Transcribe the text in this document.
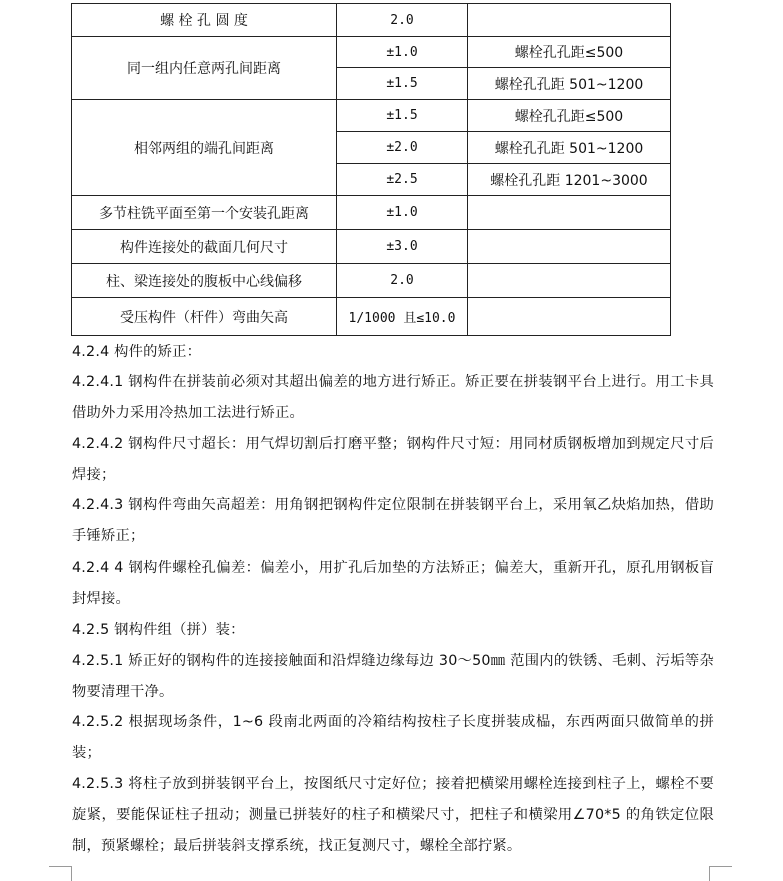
螺 栓 孔 圆 度	2.0	
同一组内任意两孔间距离	±1.0	螺栓孔孔距≤500
	±1.5	螺栓孔孔距 501~1200
相邻两组的端孔间距离	±1.5	螺栓孔孔距≤500
	±2.0	螺栓孔孔距 501~1200
	±2.5	螺栓孔孔距 1201~3000
多节柱铣平面至第一个安装孔距离	±1.0	
构件连接处的截面几何尺寸	±3.0	
柱、梁连接处的腹板中心线偏移	2.0	
受压构件（杆件）弯曲矢高	1/1000 且≤10.0	

4.2.4 构件的矫正：

4.2.4.1 钢构件在拼装前必须对其超出偏差的地方进行矫正。矫正要在拼装钢平台上进行。用工卡具借助外力采用冷热加工法进行矫正。

4.2.4.2 钢构件尺寸超长：用气焊切割后打磨平整；钢构件尺寸短：用同材质钢板增加到规定尺寸后焊接；

4.2.4.3 钢构件弯曲矢高超差：用角钢把钢构件定位限制在拼装钢平台上，采用氧乙炔焰加热，借助手锤矫正；

4.2.4 4 钢构件螺栓孔偏差：偏差小，用扩孔后加垫的方法矫正；偏差大，重新开孔，原孔用钢板盲封焊接。

4.2.5 钢构件组（拼）装：

4.2.5.1 矫正好的钢构件的连接接触面和沿焊缝边缘每边 30～50㎜ 范围内的铁锈、毛刺、污垢等杂物要清理干净。

4.2.5.2 根据现场条件，1~6 段南北两面的冷箱结构按柱子长度拼装成榀，东西两面只做简单的拼装；

4.2.5.3 将柱子放到拼装钢平台上，按图纸尺寸定好位；接着把横梁用螺栓连接到柱子上，螺栓不要旋紧，要能保证柱子扭动；测量已拼装好的柱子和横梁尺寸，把柱子和横梁用∠70*5 的角铁定位限制，预紧螺栓；最后拼装斜支撑系统，找正复测尺寸，螺栓全部拧紧。
